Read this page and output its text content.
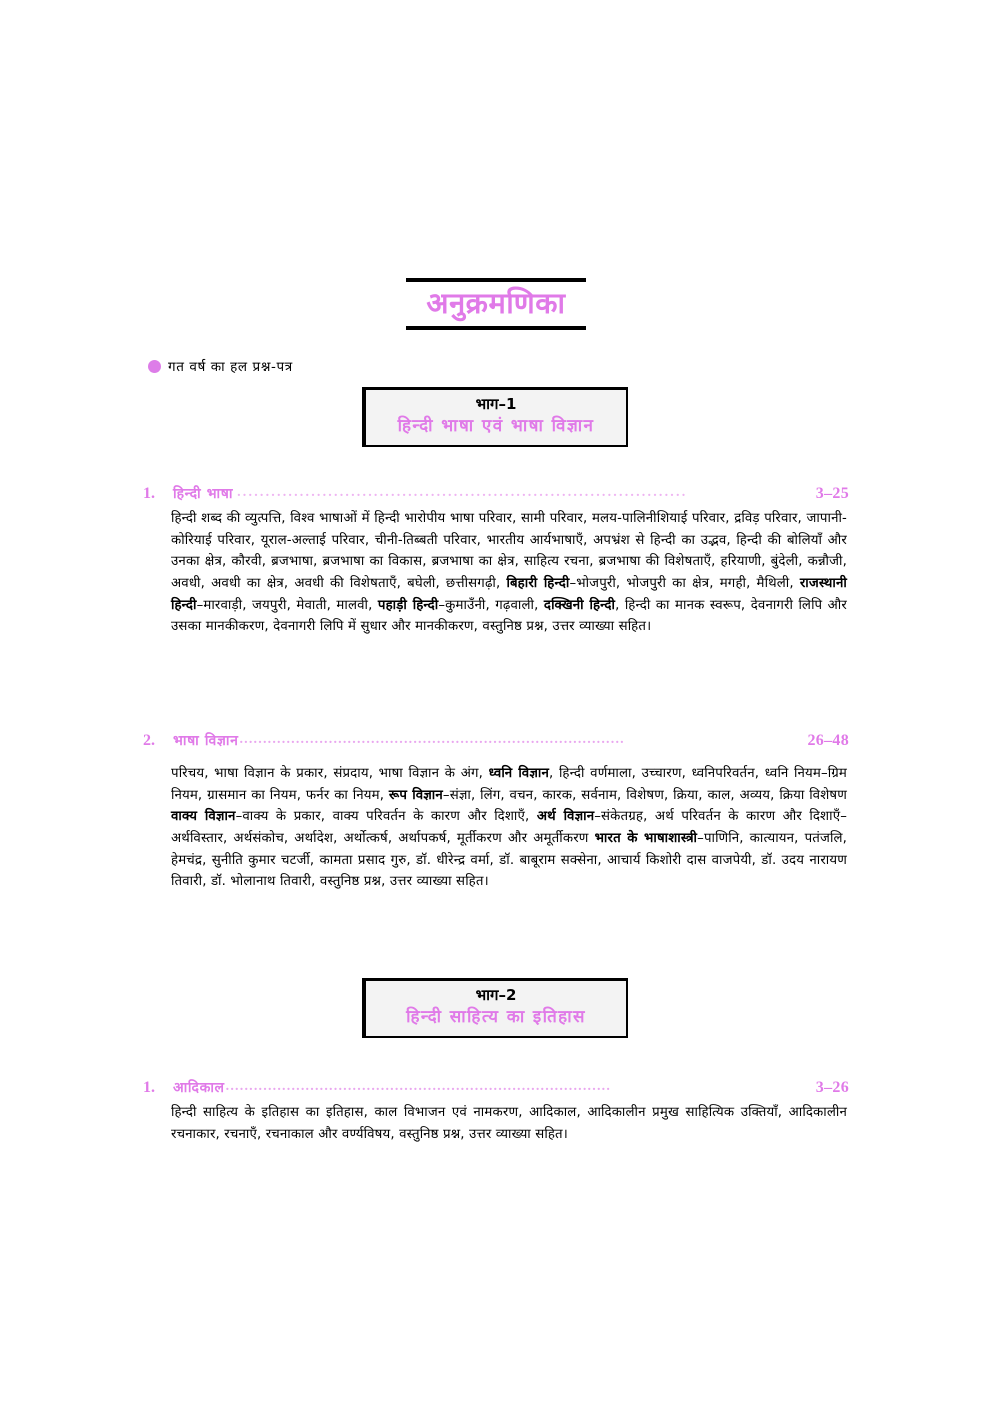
अनुक्रमणिका
गत वर्ष का हल प्रश्न-पत्र
भाग–1
हिन्दी भाषा एवं भाषा विज्ञान
1.	हिन्दी भाषा ...............................................................................	3–25
हिन्दी शब्द की व्युत्पत्ति, विश्व भाषाओं में हिन्दी भारोपीय भाषा परिवार, सामी परिवार, मलय-पालिनीशियाई परिवार, द्रविड़ परिवार, जापानी-कोरियाई परिवार, यूराल-अल्ताई परिवार, चीनी-तिब्बती परिवार, भारतीय आर्यभाषाएँ, अपभ्रंश से हिन्दी का उद्भव, हिन्दी की बोलियाँ और उनका क्षेत्र, कौरवी, ब्रजभाषा, ब्रजभाषा का विकास, ब्रजभाषा का क्षेत्र, साहित्य रचना, ब्रजभाषा की विशेषताएँ, हरियाणी, बुंदेली, कन्नौजी, अवधी, अवधी का क्षेत्र, अवधी की विशेषताएँ, बघेली, छत्तीसगढ़ी, बिहारी हिन्दी–भोजपुरी, भोजपुरी का क्षेत्र, मगही, मैथिली, राजस्थानी हिन्दी–मारवाड़ी, जयपुरी, मेवाती, मालवी, पहाड़ी हिन्दी–कुमाउँनी, गढ़वाली, दक्खिनी हिन्दी, हिन्दी का मानक स्वरूप, देवनागरी लिपि और उसका मानकीकरण, देवनागरी लिपि में सुधार और मानकीकरण, वस्तुनिष्ठ प्रश्न, उत्तर व्याख्या सहित।
2.	भाषा विज्ञान ..................................................................................	26–48
परिचय, भाषा विज्ञान के प्रकार, संप्रदाय, भाषा विज्ञान के अंग, ध्वनि विज्ञान, हिन्दी वर्णमाला, उच्चारण, ध्वनिपरिवर्तन, ध्वनि नियम–ग्रिम नियम, ग्रासमान का नियम, फर्नर का नियम, रूप विज्ञान–संज्ञा, लिंग, वचन, कारक, सर्वनाम, विशेषण, क्रिया, काल, अव्यय, क्रिया विशेषण वाक्य विज्ञान–वाक्य के प्रकार, वाक्य परिवर्तन के कारण और दिशाएँ, अर्थ विज्ञान–संकेतग्रह, अर्थ परिवर्तन के कारण और दिशाएँ–अर्थविस्तार, अर्थसंकोच, अर्थादेश, अर्थोत्कर्ष, अर्थापकर्ष, मूर्तीकरण और अमूर्तीकरण भारत के भाषाशास्त्री–पाणिनि, कात्यायन, पतंजलि, हेमचंद्र, सुनीति कुमार चटर्जी, कामता प्रसाद गुरु, डॉ. धीरेन्द्र वर्मा, डॉ. बाबूराम सक्सेना, आचार्य किशोरी दास वाजपेयी, डॉ. उदय नारायण तिवारी, डॉ. भोलानाथ तिवारी, वस्तुनिष्ठ प्रश्न, उत्तर व्याख्या सहित।
भाग–2
हिन्दी साहित्य का इतिहास
1.	आदिकाल ..................................................................................	3–26
हिन्दी साहित्य के इतिहास का इतिहास, काल विभाजन एवं नामकरण, आदिकाल, आदिकालीन प्रमुख साहित्यिक उक्तियाँ, आदिकालीन रचनाकार, रचनाएँ, रचनाकाल और वर्ण्यविषय, वस्तुनिष्ठ प्रश्न, उत्तर व्याख्या सहित।
